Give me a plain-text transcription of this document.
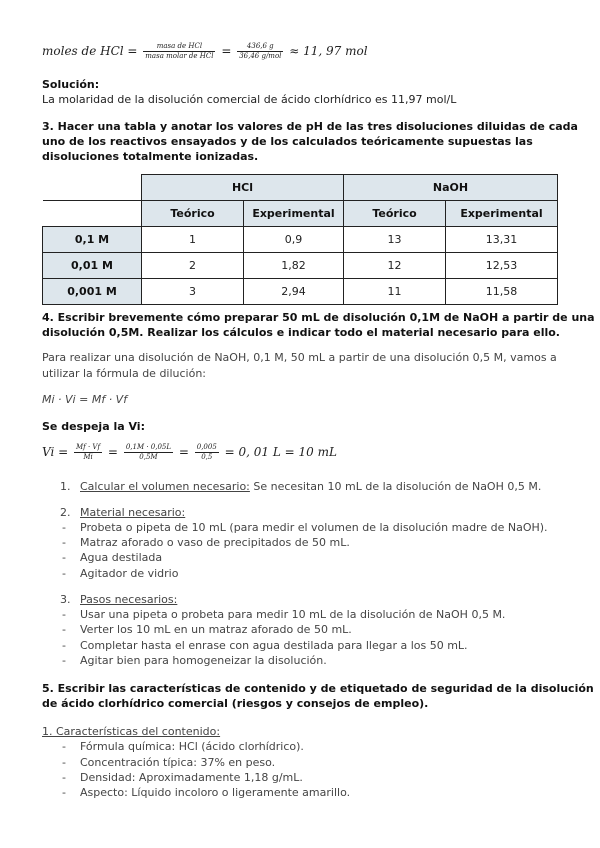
moles de HCl = $\frac{\text{masa de HCl}}{\text{masa molar de HCl}} = \frac{436,6 g}{\text{36,46 g/mol}} \approx 11$, 97 mol
Solución:
La molaridad de la disolución comercial de ácido clorhídrico es 11,97 mol/L
3. Hacer una tabla y anotar los valores de pH de las tres disoluciones diluidas de cada
uno de los reactivos ensayados y de los calculados teóricamente supuestas las
disoluciones totalmente ionizadas.
	HCl		NaOH	
	Teórico	Experimental	Teórico	Experimental
0,1 M	1	0,9	13	13,31
0,01 M	2	1,82	12	12,53
0,001 M	3	2,94	11	11,58
4. Escribir brevemente cómo preparar 50 mL de disolución 0,1M de NaOH a partir de una
disolución 0,5M. Realizar los cálculos e indicar todo el material necesario para ello.
Para realizar una disolución de NaOH, 0,1 M, 50 mL a partir de una disolución 0,5 M, vamos a
utilizar la fórmula de dilución:
Mi · Vi = Mf · Vf
Se despeja la Vi:
$Vi = \frac{Mf \cdot Vf}{Mi} = \frac{0,1M \cdot 0,05L}{0,5M} = \frac{0,005}{0,5} = 0$, 01 L = 10 mL
1. Calcular el volumen necesario: Se necesitan 10 mL de la disolución de NaOH 0,5 M.
2. Material necesario:
-	Probeta o pipeta de 10 mL (para medir el volumen de la disolución madre de NaOH).
-	Matraz aforado o vaso de precipitados de 50 mL.
-	Agua destilada
-	Agitador de vidrio
3. Pasos necesarios:
-	Usar una pipeta o probeta para medir 10 mL de la disolución de NaOH 0,5 M.
-	Verter los 10 mL en un matraz aforado de 50 mL.
-	Completar hasta el enrase con agua destilada para llegar a los 50 mL.
-	Agitar bien para homogeneizar la disolución.
5. Escribir las características de contenido y de etiquetado de seguridad de la disolución
de ácido clorhídrico comercial (riesgos y consejos de empleo).
1. Características del contenido:
-	Fórmula química: HCl (ácido clorhídrico).
-	Concentración típica: 37% en peso.
-	Densidad: Aproximadamente 1,18 g/mL.
-	Aspecto: Líquido incoloro o ligeramente amarillo.
